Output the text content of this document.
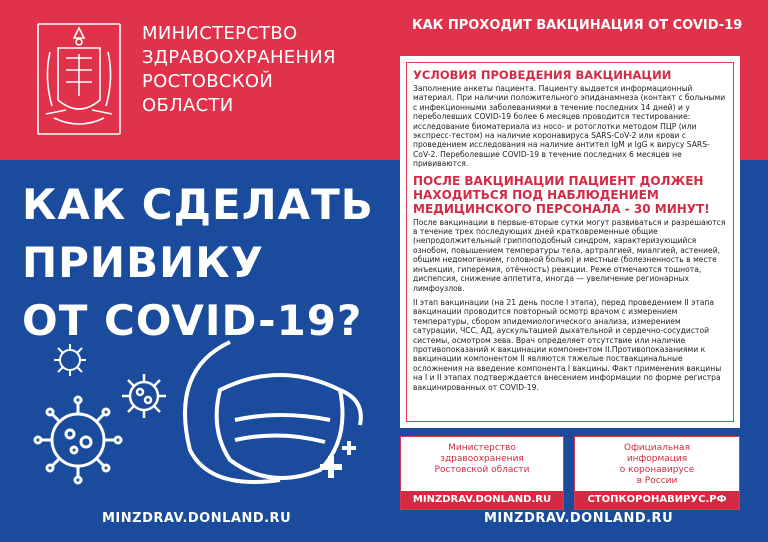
МИНИСТЕРСТВО
ЗДРАВООХРАНЕНИЯ
РОСТОВСКОЙ
ОБЛАСТИ
КАК СДЕЛАТЬ
ПРИВИКУ
ОТ COVID-19?
MINZDRAV.DONLAND.RU
КАК ПРОХОДИТ ВАКЦИНАЦИЯ ОТ COVID-19
УСЛОВИЯ ПРОВЕДЕНИЯ ВАКЦИНАЦИИ

Заполнение анкеты пациента. Пациенту выдается информационный материал. При наличии положительного эпиданамнеза (контакт с больными с инфекционными заболеваниями в течение последних 14 дней) и у переболевших COVID-19 более 6 месяцев проводится тестирование: исследование биоматериала из носо- и ротоглотки методом ПЦР (или экспресс-тестом) на наличие коронавируса SARS-CoV-2 или крови с проведением исследования на наличие антител IgM и IgG к вирусу SARS-CoV-2. Переболевшие COVID-19 в течение последних 6 месяцев не прививаются.

ПОСЛЕ ВАКЦИНАЦИИ ПАЦИЕНТ ДОЛЖЕН НАХОДИТЬСЯ ПОД НАБЛЮДЕНИЕМ МЕДИЦИНСКОГО ПЕРСОНАЛА - 30 МИНУТ!

После вакцинации в первые-вторые сутки могут развиваться и разрешаются в течение трех последующих дней кратковременные общие (непродолжительный гриппоподобный синдром, характеризующийся ознобом, повышением температуры тела, артралгией, миалгией, астенией, общим недомоганием, головной болью) и местные (болезненность в месте инъекции, гиперемия, отёчность) реакции. Реже отмечаются тошнота, диспепсия, снижение аппетита, иногда — увеличение регионарных лимфоузлов.

II этап вакцинации (на 21 день после I этапа), перед проведением II этапа вакцинации проводится повторный осмотр врачом с измерением температуры, сбором эпидемиологического анализа, измерением сатурации, ЧСС, АД, аускультацией дыхательной и сердечно-сосудистой системы, осмотром зева. Врач определяет отсутствие или наличие противопоказаний к вакцинации компонентом II.Противопоказаниями к вакцинации компонентом II являются тяжелые поствакцинальные осложнения на введение компонента I вакцины. Факт применения вакцины на I и II этапах подтверждается внесением информации по форме регистра вакцинированных от COVID-19.

Министерство
здравоохранения
Ростовской области
MINZDRAV.DONLAND.RU
Официальная
информация
о коронавирусе
в России
СТОПКОРОНАВИРУС.РФ
MINZDRAV.DONLAND.RU
